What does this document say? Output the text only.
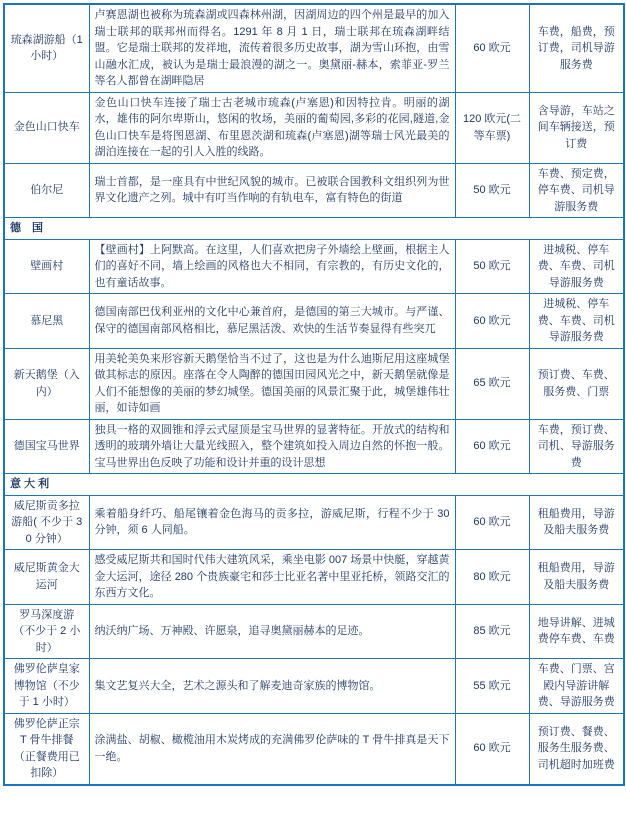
琉森湖游船（1 小时）	卢赛恩湖也被称为琉森湖或四森林州湖，因湖周边的四个州是最早的加入瑞士联邦的联邦州而得名。1291 年 8 月 1 日，瑞士联邦在琉森湖畔结盟。它是瑞士联邦的发祥地，流传着很多历史故事，湖为雪山环抱，由雪山融水汇成，被认为是瑞士最浪漫的湖之一。奥黛丽-赫本，索菲亚-罗兰等名人都曾在湖畔隐居	60 欧元	车费，船费，预订费，司机导游服务费
金色山口快车	金色山口快车连接了瑞士古老城市琉森(卢塞恩)和因特拉肯。明丽的湖水，雄伟的阿尔卑斯山，悠闲的牧场，美丽的葡萄园,多彩的花园,隧道,金色山口快车是将图恩湖、布里恩茨湖和琉森(卢塞恩)湖等瑞士风光最美的湖泊连接在一起的引人入胜的线路。	120 欧元(二等车票)	含导游，车站之间车辆接送，预订费
伯尔尼	瑞士首都，是一座具有中世纪风貌的城市。已被联合国教科文组织列为世界文化遗产之列。城中有叮当作响的有轨电车，富有特色的街道	50 欧元	车费、预定费，停车费、司机导游服务费
德　国			
壁画村	【壁画村】上阿默高。在这里，人们喜欢把房子外墙绘上壁画，根据主人们的喜好不同，墙上绘画的风格也大不相同，有宗教的，有历史文化的，也有童话故事。	50 欧元	进城税、停车费、车费、司机导游服务费
慕尼黑	德国南部巴伐利亚州的文化中心兼首府，是德国的第三大城市。与严谨、保守的德国南部风格相比，慕尼黑活泼、欢快的生活节奏显得有些突兀	60 欧元	进城税、停车费、车费、司机导游服务费
新天鹅堡（入内）	用美轮美奂来形容新天鹅堡恰当不过了，这也是为什么迪斯尼用这座城堡做其标志的原因。座落在令人陶醉的德国田园风光之中，新天鹅堡就像是人们不能想像的美丽的梦幻城堡。德国美丽的风景汇聚于此，城堡雄伟壮丽，如诗如画	65 欧元	预订费、车费、服务费、门票
德国宝马世界	独具一格的双圆锥和浮云式屋顶是宝马世界的显著特征。开放式的结构和透明的玻璃外墙让大量光线照入，整个建筑如投入周边自然的怀抱一般。宝马世界出色反映了功能和设计并重的设计思想	60 欧元	车费，预订费、司机、导游服务费
意 大 利			
威尼斯贡多拉游船( 不少于 30 分钟）	乘着船身纤巧、船尾镶着金色海马的贡多拉，游威尼斯，行程不少于 30 分钟，须 6 人同船。	60 欧元	租船费用，导游及船夫服务费
威尼斯黄金大运河	感受威尼斯共和国时代伟大建筑风采，乘坐电影 007 场景中快艇，穿越黄金大运河，途径 280 个贵族豪宅和莎士比亚名著中里亚托桥，领路交汇的东西方文化。	80 欧元	租船费用，导游及船夫服务费
罗马深度游（不少于 2 小时）	纳沃纳广场、万神殿、许愿泉，追寻奥黛丽赫本的足迹。	85 欧元	地导讲解、进城费停车费、车费
佛罗伦萨皇家博物馆（不少于 1 小时）	集文艺复兴大全，艺术之源头和了解麦迪奇家族的博物馆。	55 欧元	车费、门票、宫殿内导游讲解费、导游服务费
佛罗伦萨正宗 T 骨牛排餐（正餐费用已扣除）	涂满盐、胡椒、橄榄油用木炭烤成的充满佛罗伦萨味的 T 骨牛排真是天下一绝。	60 欧元	预订费、餐费、服务生服务费、司机超时加班费
